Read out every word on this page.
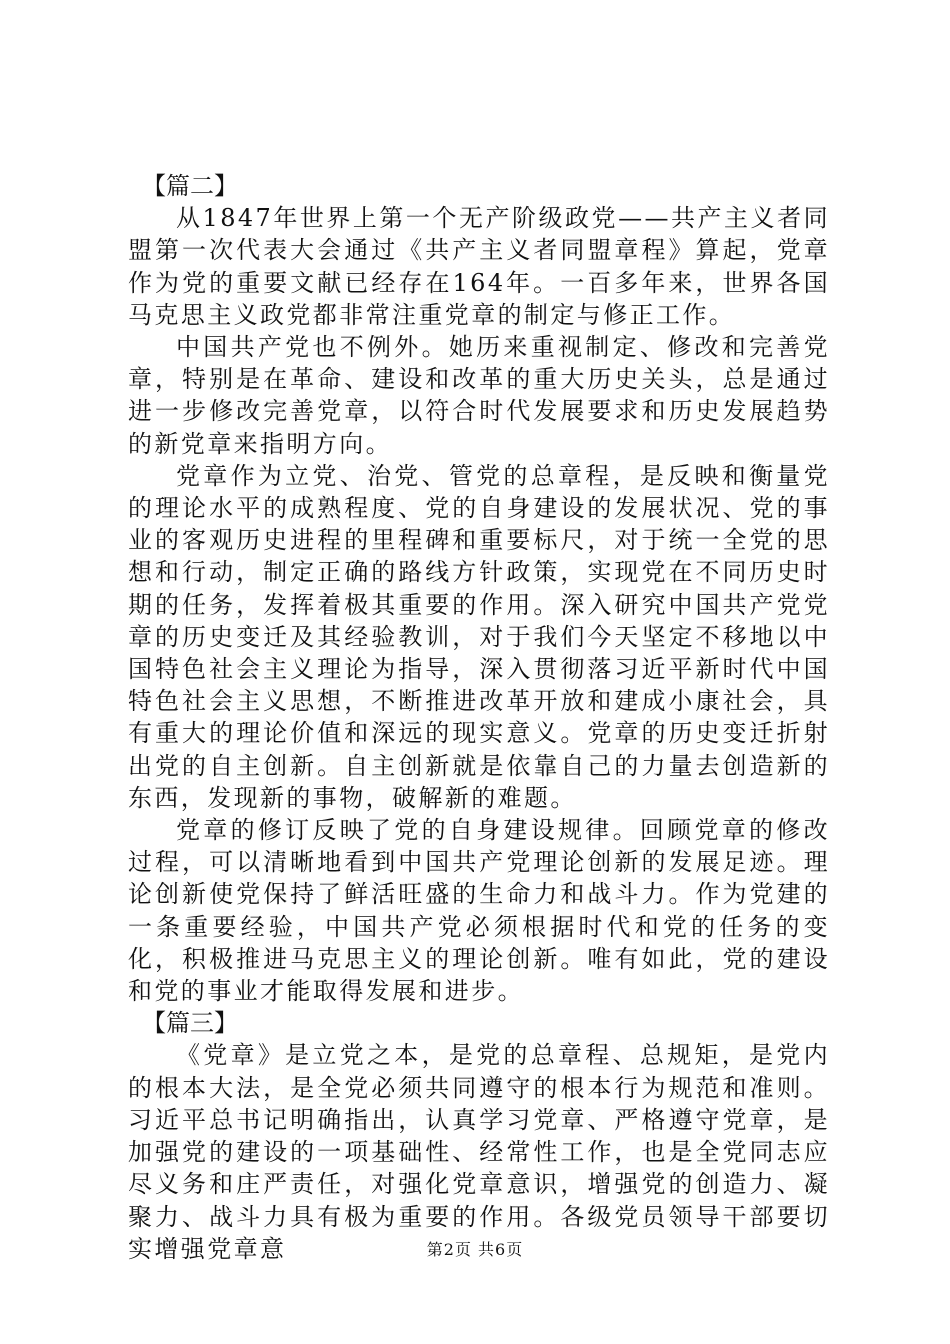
【篇二】

从1847年世界上第一个无产阶级政党——共产主义者同盟第一次代表大会通过《共产主义者同盟章程》算起，党章作为党的重要文献已经存在164年。一百多年来，世界各国马克思主义政党都非常注重党章的制定与修正工作。

中国共产党也不例外。她历来重视制定、修改和完善党章，特别是在革命、建设和改革的重大历史关头，总是通过进一步修改完善党章，以符合时代发展要求和历史发展趋势的新党章来指明方向。

党章作为立党、治党、管党的总章程，是反映和衡量党的理论水平的成熟程度、党的自身建设的发展状况、党的事业的客观历史进程的里程碑和重要标尺，对于统一全党的思想和行动，制定正确的路线方针政策，实现党在不同历史时期的任务，发挥着极其重要的作用。深入研究中国共产党党章的历史变迁及其经验教训，对于我们今天坚定不移地以中国特色社会主义理论为指导，深入贯彻落习近平新时代中国特色社会主义思想，不断推进改革开放和建成小康社会，具有重大的理论价值和深远的现实意义。党章的历史变迁折射出党的自主创新。自主创新就是依靠自己的力量去创造新的东西，发现新的事物，破解新的难题。

党章的修订反映了党的自身建设规律。回顾党章的修改过程，可以清晰地看到中国共产党理论创新的发展足迹。理论创新使党保持了鲜活旺盛的生命力和战斗力。作为党建的一条重要经验，中国共产党必须根据时代和党的任务的变化，积极推进马克思主义的理论创新。唯有如此，党的建设和党的事业才能取得发展和进步。

【篇三】

《党章》是立党之本，是党的总章程、总规矩，是党内的根本大法，是全党必须共同遵守的根本行为规范和准则。习近平总书记明确指出，认真学习党章、严格遵守党章，是加强党的建设的一项基础性、经常性工作，也是全党同志应尽义务和庄严责任，对强化党章意识，增强党的创造力、凝聚力、战斗力具有极为重要的作用。各级党员领导干部要切实增强党章意	第2页 共6页
